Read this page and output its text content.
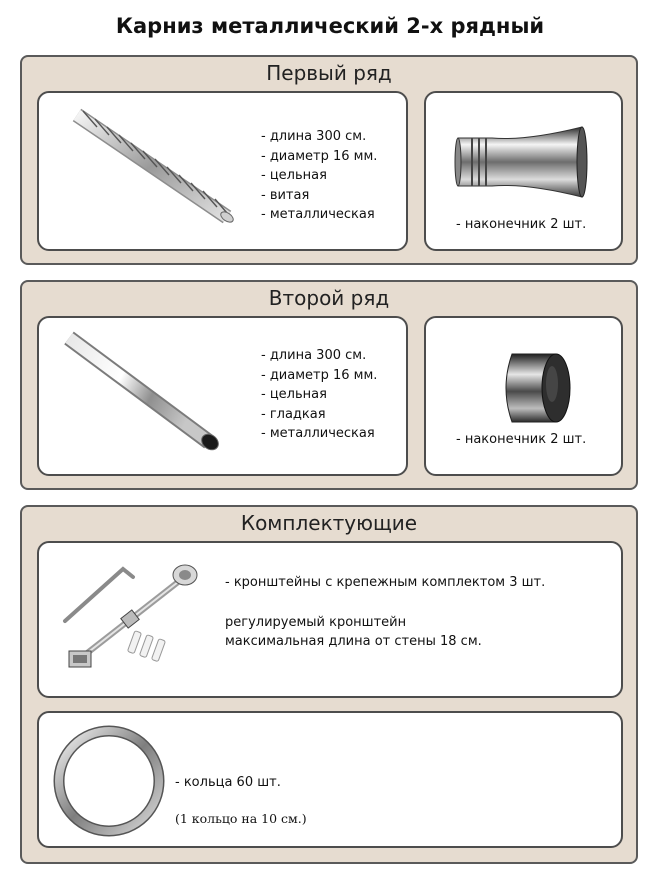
Карниз металлический 2-х рядный
Первый ряд
- длина 300 см.
- диаметр 16 мм.
- цельная
- витая
- металлическая
- наконечник 2 шт.
Второй ряд
- длина 300 см.
- диаметр 16 мм.
- цельная
- гладкая
- металлическая	- наконечник 2 шт.
Комплектующие
- кронштейны с крепежным комплектом 3 шт.
регулируемый кронштейн
максимальная длина от стены 18 см.
- кольца 60 шт.
(1 кольцо на 10 см.)
